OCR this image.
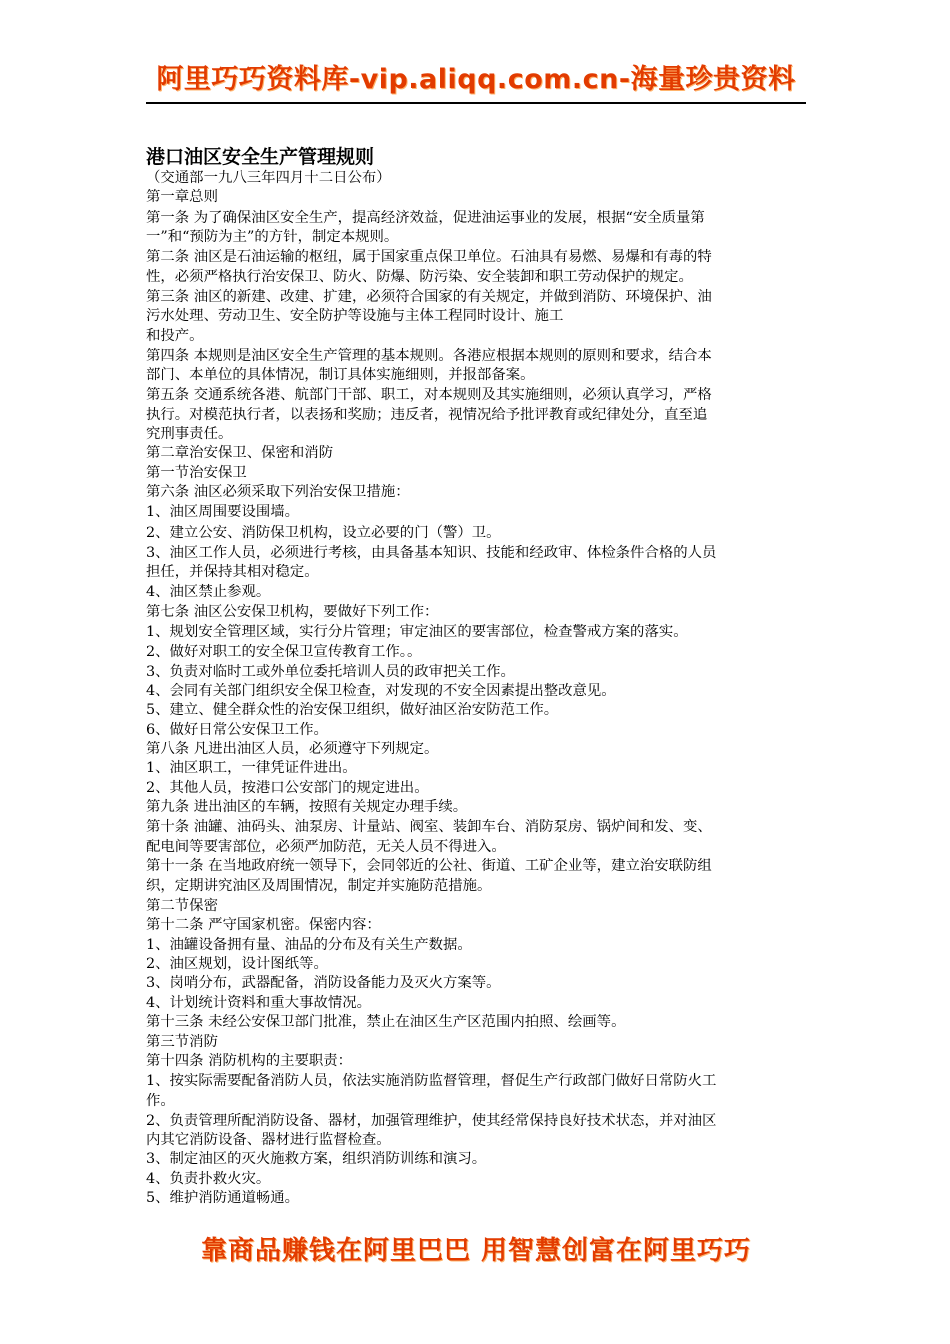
阿里巧巧资料库-vip.aliqq.com.cn-海量珍贵资料
港口油区安全生产管理规则
（交通部一九八三年四月十二日公布）
第一章总则
第一条 为了确保油区安全生产，提高经济效益，促进油运事业的发展，根据“安全质量第
一”和“预防为主”的方针，制定本规则。
第二条 油区是石油运输的枢纽，属于国家重点保卫单位。石油具有易燃、易爆和有毒的特
性，必须严格执行治安保卫、防火、防爆、防污染、安全装卸和职工劳动保护的规定。
第三条 油区的新建、改建、扩建，必须符合国家的有关规定，并做到消防、环境保护、油
污水处理、劳动卫生、安全防护等设施与主体工程同时设计、施工
和投产。
第四条 本规则是油区安全生产管理的基本规则。各港应根据本规则的原则和要求，结合本
部门、本单位的具体情况，制订具体实施细则，并报部备案。
第五条 交通系统各港、航部门干部、职工，对本规则及其实施细则，必须认真学习，严格
执行。对模范执行者，以表扬和奖励；违反者，视情况给予批评教育或纪律处分，直至追
究刑事责任。
第二章治安保卫、保密和消防
第一节治安保卫
第六条 油区必须采取下列治安保卫措施：
1、油区周围要设围墙。
2、建立公安、消防保卫机构，设立必要的门（警）卫。
3、油区工作人员，必须进行考核，由具备基本知识、技能和经政审、体检条件合格的人员
担任，并保持其相对稳定。
4、油区禁止参观。
第七条 油区公安保卫机构，要做好下列工作：
1、规划安全管理区域，实行分片管理；审定油区的要害部位，检查警戒方案的落实。
2、做好对职工的安全保卫宣传教育工作。。
3、负责对临时工或外单位委托培训人员的政审把关工作。
4、会同有关部门组织安全保卫检查，对发现的不安全因素提出整改意见。
5、建立、健全群众性的治安保卫组织，做好油区治安防范工作。
6、做好日常公安保卫工作。
第八条 凡进出油区人员，必须遵守下列规定。
1、油区职工，一律凭证件进出。
2、其他人员，按港口公安部门的规定进出。
第九条 进出油区的车辆，按照有关规定办理手续。
第十条 油罐、油码头、油泵房、计量站、阀室、装卸车台、消防泵房、锅炉间和发、变、
配电间等要害部位，必须严加防范，无关人员不得进入。
第十一条 在当地政府统一领导下，会同邻近的公社、街道、工矿企业等，建立治安联防组
织，定期讲究油区及周围情况，制定并实施防范措施。
第二节保密
第十二条 严守国家机密。保密内容：
1、油罐设备拥有量、油品的分布及有关生产数据。
2、油区规划，设计图纸等。
3、岗哨分布，武器配备，消防设备能力及灭火方案等。
4、计划统计资料和重大事故情况。
第十三条 未经公安保卫部门批准，禁止在油区生产区范围内拍照、绘画等。
第三节消防
第十四条 消防机构的主要职责：
1、按实际需要配备消防人员，依法实施消防监督管理，督促生产行政部门做好日常防火工
作。
2、负责管理所配消防设备、器材，加强管理维护，使其经常保持良好技术状态，并对油区
内其它消防设备、器材进行监督检查。
3、制定油区的灭火施救方案，组织消防训练和演习。
4、负责扑救火灾。
5、维护消防通道畅通。
靠商品赚钱在阿里巴巴 用智慧创富在阿里巧巧
